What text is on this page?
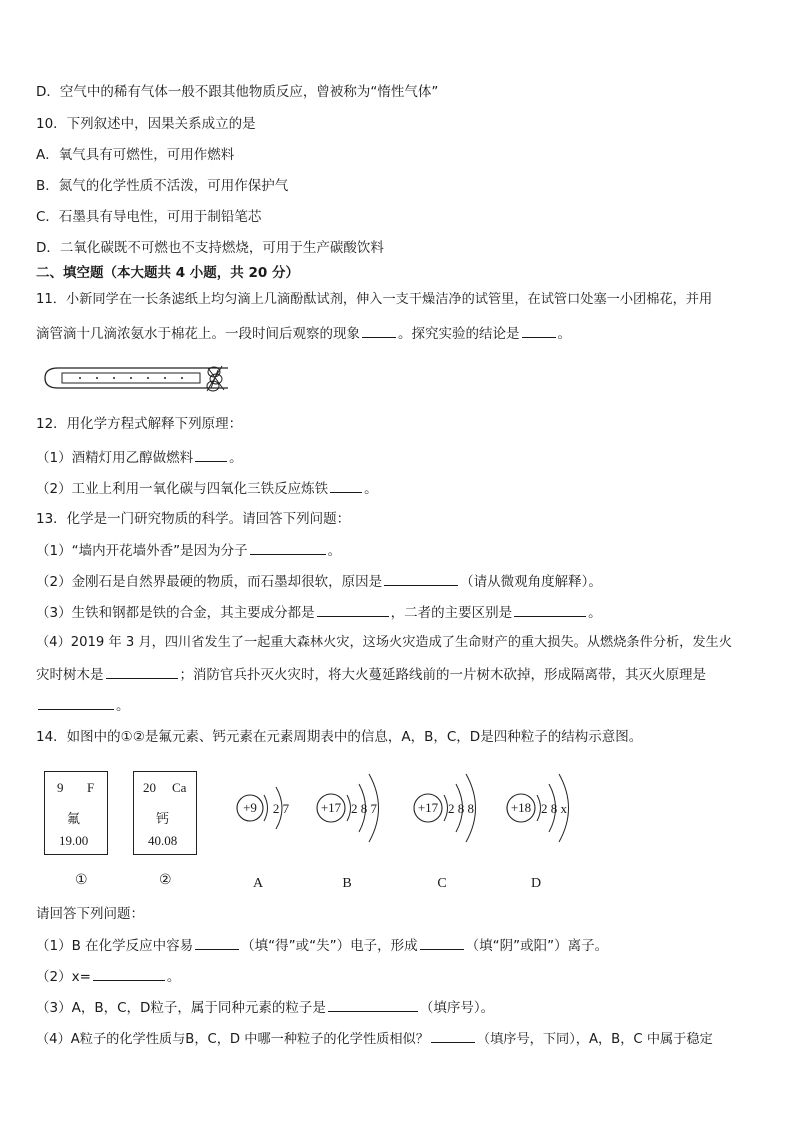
D．空气中的稀有气体一般不跟其他物质反应，曾被称为“惰性气体”
10．下列叙述中，因果关系成立的是
A．氧气具有可燃性，可用作燃料
B．氮气的化学性质不活泼，可用作保护气
C．石墨具有导电性，可用于制铅笔芯
D．二氧化碳既不可燃也不支持燃烧，可用于生产碳酸饮料
二、填空题（本大题共 4 小题，共 20 分）
11．小新同学在一长条滤纸上均匀滴上几滴酚酞试剂，伸入一支干燥洁净的试管里，在试管口处塞一小团棉花，并用
滴管滴十几滴浓氨水于棉花上。一段时间后观察的现象	。探究实验的结论是	。
12．用化学方程式解释下列原理：
（1）酒精灯用乙醇做燃料	。
（2）工业上利用一氧化碳与四氧化三铁反应炼铁	。
13．化学是一门研究物质的科学。请回答下列问题：
（1）“墙内开花墙外香”是因为分子	。
（2）金刚石是自然界最硬的物质，而石墨却很软，原因是	（请从微观角度解释）。
（3）生铁和钢都是铁的合金，其主要成分都是	，二者的主要区别是	。
（4）2019 年 3 月，四川省发生了一起重大森林火灾，这场火灾造成了生命财产的重大损失。从燃烧条件分析，发生火
灾时树木是	；消防官兵扑灭火灾时，将大火蔓延路线前的一片树木砍掉，形成隔离带，其灭火原理是
。
14．如图中的①②是氟元素、钙元素在元素周期表中的信息，A，B，C，D是四种粒子的结构示意图。
9 F
氟
19.00
20 Ca
钙
40.08
①	②
+9 2 7 +17 2 8 7	+17 2 8 8	+18 2 8 x
A	B	C	D
请回答下列问题：
（1）B 在化学反应中容易	（填“得”或“失”）电子，形成	（填“阴”或阳”）离子。
（2）x=	。
（3）A，B，C，D粒子，属于同种元素的粒子是	（填序号）。
（4）A粒子的化学性质与B，C，D 中哪一种粒子的化学性质相似？	（填序号，下同），A，B，C 中属于稳定
